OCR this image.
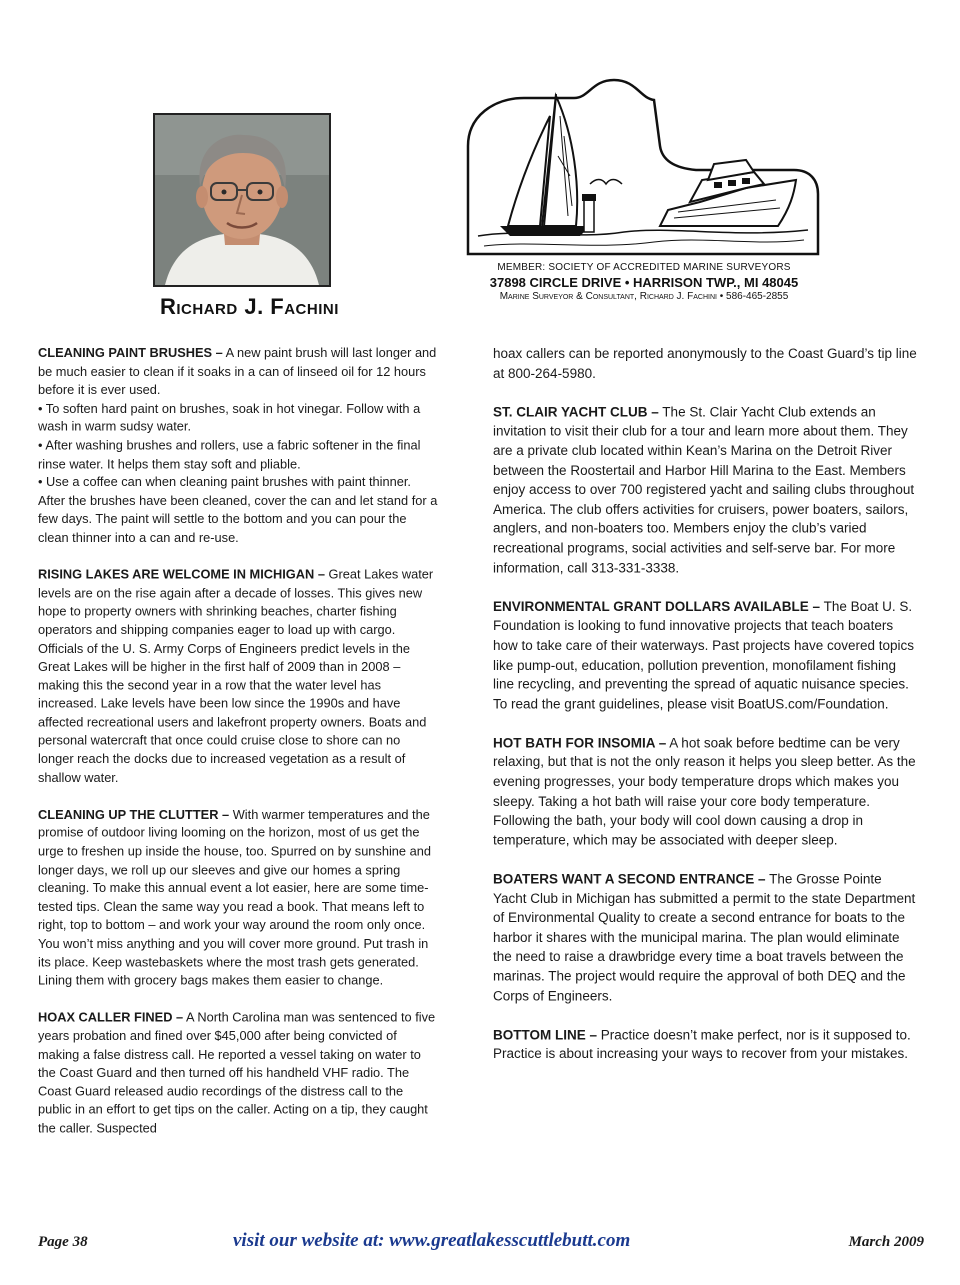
Richard J. Fachini
MEMBER: SOCIETY OF ACCREDITED MARINE SURVEYORS
37898 CIRCLE DRIVE • HARRISON TWP., MI 48045
Marine Surveyor & Consultant, Richard J. Fachini • 586-465-2855

CLEANING PAINT BRUSHES – A new paint brush will last longer and be much easier to clean if it soaks in a can of linseed oil for 12 hours before it is ever used.

• To soften hard paint on brushes, soak in hot vinegar. Follow with a wash in warm sudsy water.

• After washing brushes and rollers, use a fabric softener in the final rinse water. It helps them stay soft and pliable.

• Use a coffee can when cleaning paint brushes with paint thinner. After the brushes have been cleaned, cover the can and let stand for a few days. The paint will settle to the bottom and you can pour the clean thinner into a can and re-use.

RISING LAKES ARE WELCOME IN MICHIGAN – Great Lakes water levels are on the rise again after a decade of losses. This gives new hope to property owners with shrinking beaches, charter fishing operators and shipping companies eager to load up with cargo. Officials of the U. S. Army Corps of Engineers predict levels in the Great Lakes will be higher in the first half of 2009 than in 2008 – making this the second year in a row that the water level has increased. Lake levels have been low since the 1990s and have affected recreational users and lakefront property owners. Boats and personal watercraft that once could cruise close to shore can no longer reach the docks due to increased vegetation as a result of shallow water.

CLEANING UP THE CLUTTER – With warmer temperatures and the promise of outdoor living looming on the horizon, most of us get the urge to freshen up inside the house, too. Spurred on by sunshine and longer days, we roll up our sleeves and give our homes a spring cleaning. To make this annual event a lot easier, here are some time-tested tips. Clean the same way you read a book. That means left to right, top to bottom – and work your way around the room only once. You won’t miss anything and you will cover more ground. Put trash in its place. Keep wastebaskets where the most trash gets generated. Lining them with grocery bags makes them easier to change.

HOAX CALLER FINED – A North Carolina man was sentenced to five years probation and fined over $45,000 after being convicted of making a false distress call. He reported a vessel taking on water to the Coast Guard and then turned off his handheld VHF radio. The Coast Guard released audio recordings of the distress call to the public in an effort to get tips on the caller. Acting on a tip, they caught the caller. Suspected

hoax callers can be reported anonymously to the Coast Guard’s tip line at 800-264-5980.

ST. CLAIR YACHT CLUB – The St. Clair Yacht Club extends an invitation to visit their club for a tour and learn more about them. They are a private club located within Kean’s Marina on the Detroit River between the Roostertail and Harbor Hill Marina to the East. Members enjoy access to over 700 registered yacht and sailing clubs throughout America. The club offers activities for cruisers, power boaters, sailors, anglers, and non-boaters too. Members enjoy the club’s varied recreational programs, social activities and self-serve bar. For more information, call 313-331-3338.

ENVIRONMENTAL GRANT DOLLARS AVAILABLE – The Boat U. S. Foundation is looking to fund innovative projects that teach boaters how to take care of their waterways. Past projects have covered topics like pump-out, education, pollution prevention, monofilament fishing line recycling, and preventing the spread of aquatic nuisance species. To read the grant guidelines, please visit BoatUS.com/Foundation.

HOT BATH FOR INSOMIA – A hot soak before bedtime can be very relaxing, but that is not the only reason it helps you sleep better. As the evening progresses, your body temperature drops which makes you sleepy. Taking a hot bath will raise your core body temperature. Following the bath, your body will cool down causing a drop in temperature, which may be associated with deeper sleep.

BOATERS WANT A SECOND ENTRANCE – The Grosse Pointe Yacht Club in Michigan has submitted a permit to the state Department of Environmental Quality to create a second entrance for boats to the harbor it shares with the municipal marina. The plan would eliminate the need to raise a drawbridge every time a boat travels between the marinas. The project would require the approval of both DEQ and the Corps of Engineers.

BOTTOM LINE – Practice doesn’t make perfect, nor is it supposed to. Practice is about increasing your ways to recover from your mistakes.

Page 38	visit our website at: www.greatlakesscuttlebutt.com	March 2009
